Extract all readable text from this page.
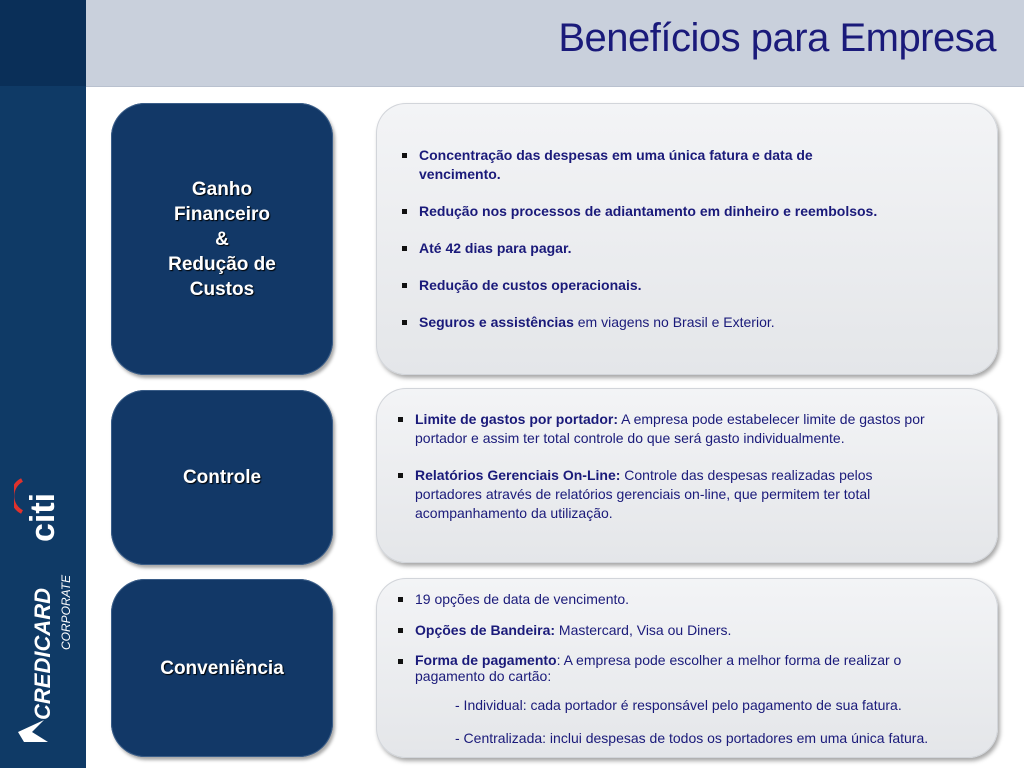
citi
CREDICARD CORPORATE
Benefícios para Empresa
Ganho
Financeiro
&
Redução de
Custos
Controle
Conveniência
Concentração das despesas em uma única fatura e data de vencimento.
Redução nos processos de adiantamento em dinheiro e reembolsos.
Até 42 dias para pagar.
Redução de custos operacionais.
Seguros e assistências em viagens no Brasil e Exterior.
Limite de gastos por portador: A empresa pode estabelecer limite de gastos por portador e assim ter total controle do que será gasto individualmente.
Relatórios Gerenciais On-Line: Controle das despesas realizadas pelos portadores através de relatórios gerenciais on-line, que permitem ter total acompanhamento da utilização.
19 opções de data de vencimento.
Opções de Bandeira: Mastercard, Visa ou Diners.
Forma de pagamento: A empresa pode escolher a melhor forma de realizar o pagamento do cartão:
- Individual: cada portador é responsável pelo pagamento de sua fatura.
- Centralizada: inclui despesas de todos os portadores em uma única fatura.
